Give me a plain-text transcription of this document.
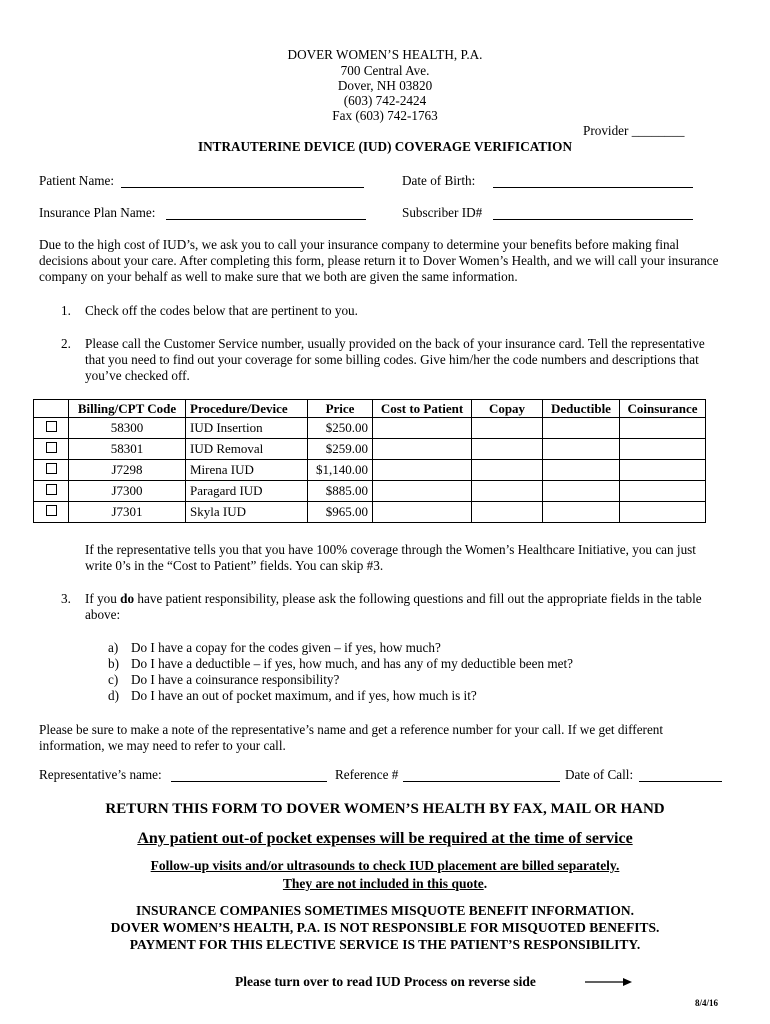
DOVER WOMEN’S HEALTH, P.A.
700 Central Ave.
Dover, NH 03820
(603) 742-2424
Fax (603) 742-1763
Provider ________
INTRAUTERINE DEVICE (IUD) COVERAGE VERIFICATION
Patient Name:	Date of Birth:
Insurance Plan Name:	Subscriber ID#
Due to the high cost of IUD’s, we ask you to call your insurance company to determine your benefits before making final decisions about your care. After completing this form, please return it to Dover Women’s Health, and we will call your insurance company on your behalf as well to make sure that we both are given the same information.
1. Check off the codes below that are pertinent to you.
2. Please call the Customer Service number, usually provided on the back of your insurance card. Tell the representative that you need to find out your coverage for some billing codes. Give him/her the code numbers and descriptions that you’ve checked off.
	Billing/CPT Code	Procedure/Device	Price	Cost to Patient	Copay	Deductible	Coinsurance
	58300	IUD Insertion	$250.00				
	58301	IUD Removal	$259.00				
	J7298	Mirena IUD	$1,140.00				
	J7300	Paragard IUD	$885.00				
	J7301	Skyla IUD	$965.00				
If the representative tells you that you have 100% coverage through the Women’s Healthcare Initiative, you can just write 0’s in the “Cost to Patient” fields. You can skip #3.
3. If you do have patient responsibility, please ask the following questions and fill out the appropriate fields in the table above:
a) Do I have a copay for the codes given – if yes, how much?
b) Do I have a deductible – if yes, how much, and has any of my deductible been met?
c) Do I have a coinsurance responsibility?
d) Do I have an out of pocket maximum, and if yes, how much is it?
Please be sure to make a note of the representative’s name and get a reference number for your call. If we get different information, we may need to refer to your call.
Representative’s name:	Reference #	Date of Call:
RETURN THIS FORM TO DOVER WOMEN’S HEALTH BY FAX, MAIL OR HAND
Any patient out-of pocket expenses will be required at the time of service
Follow-up visits and/or ultrasounds to check IUD placement are billed separately.
They are not included in this quote.
INSURANCE COMPANIES SOMETIMES MISQUOTE BENEFIT INFORMATION.
DOVER WOMEN’S HEALTH, P.A. IS NOT RESPONSIBLE FOR MISQUOTED BENEFITS.
PAYMENT FOR THIS ELECTIVE SERVICE IS THE PATIENT’S RESPONSIBILITY.
Please turn over to read IUD Process on reverse side
8/4/16
